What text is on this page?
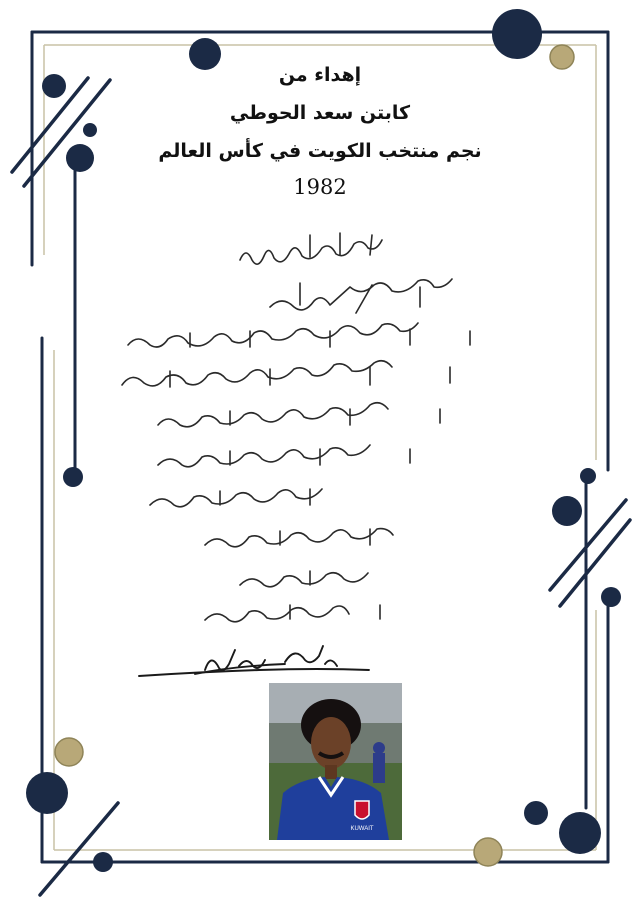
إهداء من
كابتن سعد الحوطي
نجم منتخب الكويت في كأس العالم
1982
KUWAIT
